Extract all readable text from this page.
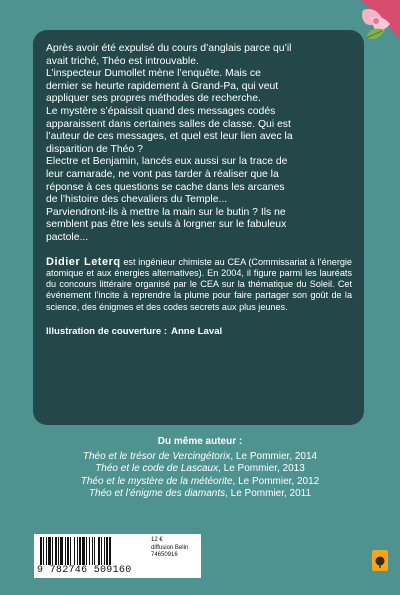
Après avoir été expulsé du cours d’anglais parce qu’il
avait triché, Théo est introuvable.
L’inspecteur Dumollet mène l’enquête. Mais ce
dernier se heurte rapidement à Grand-Pa, qui veut
appliquer ses propres méthodes de recherche.
Le mystère s’épaissit quand des messages codés
apparaissent dans certaines salles de classe. Qui est
l’auteur de ces messages, et quel est leur lien avec la
disparition de Théo ?
Electre et Benjamin, lancés eux aussi sur la trace de
leur camarade, ne vont pas tarder à réaliser que la
réponse à ces questions se cache dans les arcanes
de l’histoire des chevaliers du Temple...
Parviendront-ils à mettre la main sur le butin ? Ils ne
semblent pas être les seuls à lorgner sur le fabuleux
pactole...

Didier Leterq est ingénieur chimiste au CEA (Commissariat à l’énergie atomique et aux énergies alternatives). En 2004, il figure parmi les lauréats du concours littéraire organisé par le CEA sur la thématique du Soleil. Cet événement l’incite à reprendre la plume pour faire partager son goût de la science, des énigmes et des codes secrets aux plus jeunes.
Illustration de couverture : Anne Laval
Du même auteur :
Théo et le trésor de Vercingétorix, Le Pommier, 2014
Théo et le code de Lascaux, Le Pommier, 2013
Théo et le mystère de la météorite, Le Pommier, 2012
Théo et l’énigme des diamants, Le Pommier, 2011
9 782746 509160
12 €
diffusion Belin
74650916
